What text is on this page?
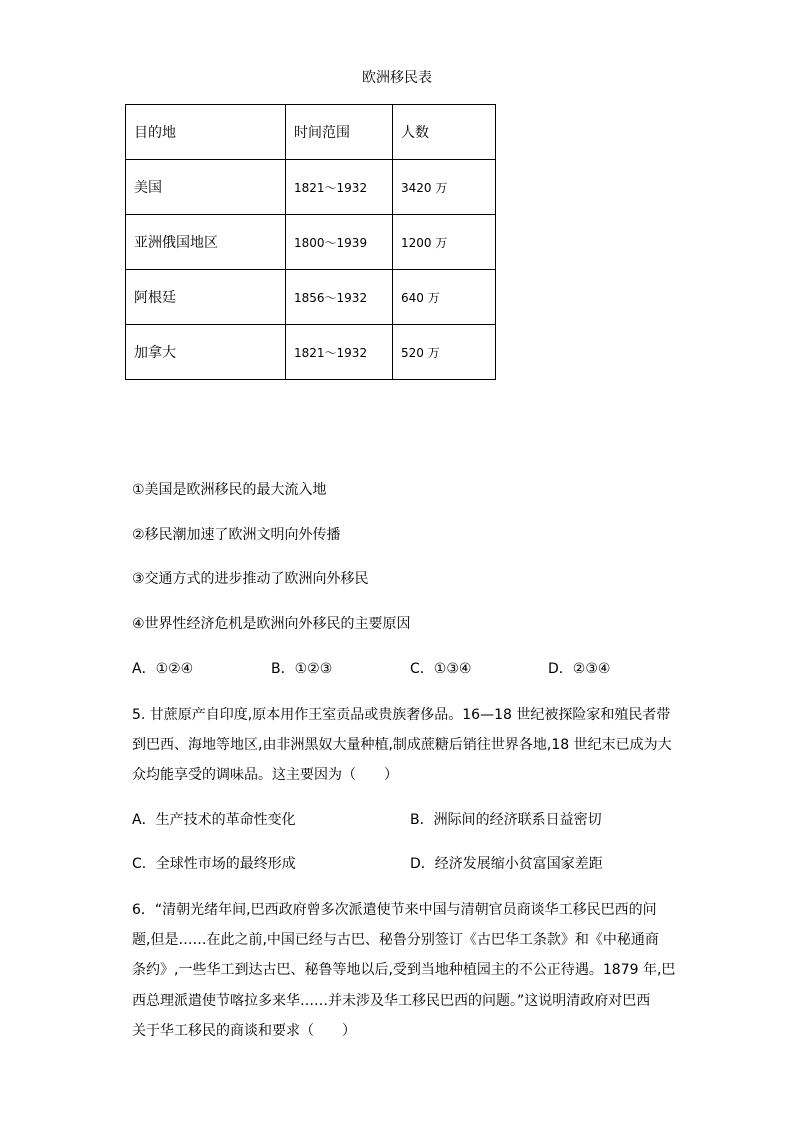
欧洲移民表
目的地	时间范围	人数
美国	1821～1932	3420 万
亚洲俄国地区	1800～1939	1200 万
阿根廷	1856～1932	640 万
加拿大	1821～1932	520 万
①美国是欧洲移民的最大流入地
②移民潮加速了欧洲文明向外传播
③交通方式的进步推动了欧洲向外移民
④世界性经济危机是欧洲向外移民的主要原因
A．①②④	B．①②③	C．①③④	D．②③④
5. 甘蔗原产自印度,原本用作王室贡品或贵族奢侈品。16—18 世纪被探险家和殖民者带
到巴西、海地等地区,由非洲黑奴大量种植,制成蔗糖后销往世界各地,18 世纪末已成为大
众均能享受的调味品。这主要因为（　　）
A．生产技术的革命性变化	B．洲际间的经济联系日益密切
C．全球性市场的最终形成	D．经济发展缩小贫富国家差距
6．“清朝光绪年间,巴西政府曾多次派遣使节来中国与清朝官员商谈华工移民巴西的问
题,但是……在此之前,中国已经与古巴、秘鲁分别签订《古巴华工条款》和《中秘通商
条约》,一些华工到达古巴、秘鲁等地以后,受到当地种植园主的不公正待遇。1879 年,巴
西总理派遣使节喀拉多来华……并未涉及华工移民巴西的问题。”这说明清政府对巴西
关于华工移民的商谈和要求（　　）
